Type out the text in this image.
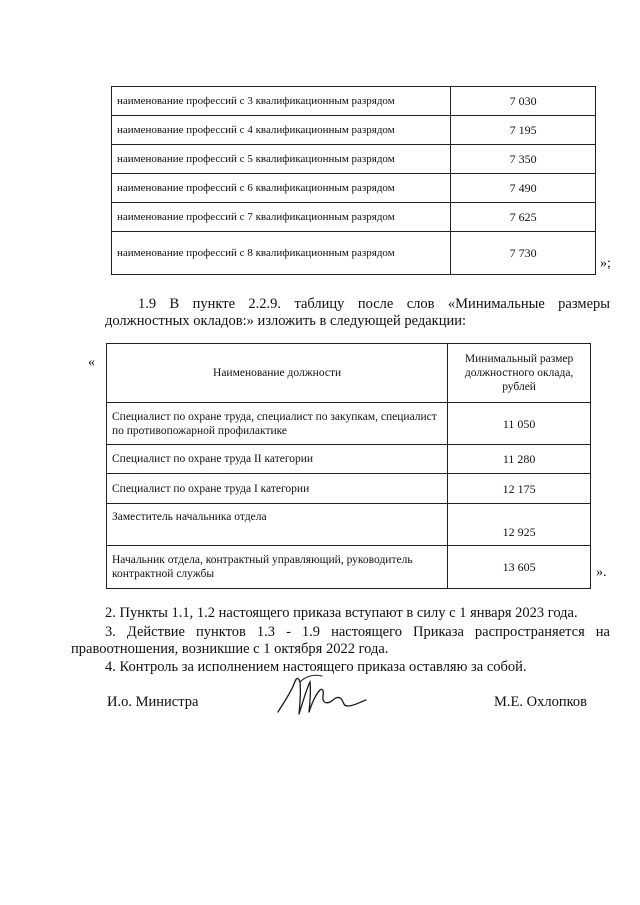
наименование профессий с 3 квалификационным разрядом	7 030
наименование профессий с 4 квалификационным разрядом	7 195
наименование профессий с 5 квалификационным разрядом	7 350
наименование профессий с 6 квалификационным разрядом	7 490
наименование профессий с 7 квалификационным разрядом	7 625
наименование профессий с 8 квалификационным разрядом	7 730
»;
1.9 В пункте 2.2.9. таблицу после слов «Минимальные размеры
должностных окладов:» изложить в следующей редакции:
«
Наименование должности	Минимальный размер должностного оклада, рублей
Специалист по охране труда, специалист по закупкам, специалист по противопожарной профилактике	11 050
Специалист по охране труда II категории	11 280
Специалист по охране труда I категории	12 175
Заместитель начальника отдела	12 925
Начальник отдела, контрактный управляющий, руководитель контрактной службы	13 605	».
2. Пункты 1.1, 1.2 настоящего приказа вступают в силу с 1 января 2023 года.
3. Действие пунктов 1.3 - 1.9 настоящего Приказа распространяется на
правоотношения, возникшие с 1 октября 2022 года.
4. Контроль за исполнением настоящего приказа оставляю за собой.
И.о. Министра	М.Е. Охлопков
